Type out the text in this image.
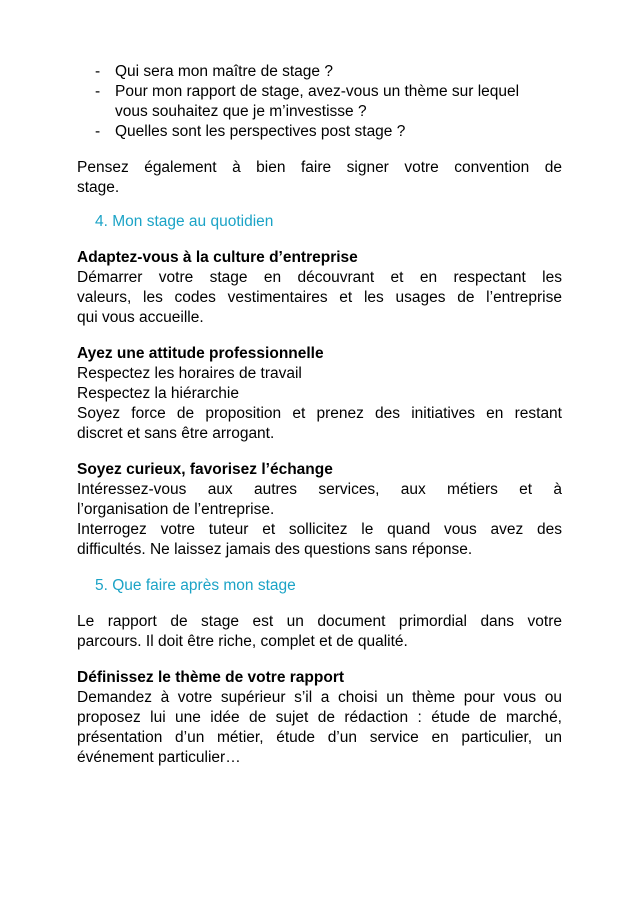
- Qui sera mon maître de stage ?
- Pour mon rapport de stage, avez-vous un thème sur lequel
vous souhaitez que je m’investisse ?
- Quelles sont les perspectives post stage ?
Pensez également à bien faire signer votre convention de
stage.
4. Mon stage au quotidien
Adaptez-vous à la culture d’entreprise
Démarrer votre stage en découvrant et en respectant les
valeurs, les codes vestimentaires et les usages de l’entreprise
qui vous accueille.
Ayez une attitude professionnelle
Respectez les horaires de travail
Respectez la hiérarchie
Soyez force de proposition et prenez des initiatives en restant
discret et sans être arrogant.
Soyez curieux, favorisez l’échange
Intéressez-vous aux autres services, aux métiers et à
l’organisation de l’entreprise.
Interrogez votre tuteur et sollicitez le quand vous avez des
difficultés. Ne laissez jamais des questions sans réponse.
5. Que faire après mon stage
Le rapport de stage est un document primordial dans votre
parcours. Il doit être riche, complet et de qualité.
Définissez le thème de votre rapport
Demandez à votre supérieur s’il a choisi un thème pour vous ou
proposez lui une idée de sujet de rédaction : étude de marché,
présentation d’un métier, étude d’un service en particulier, un
événement particulier…
